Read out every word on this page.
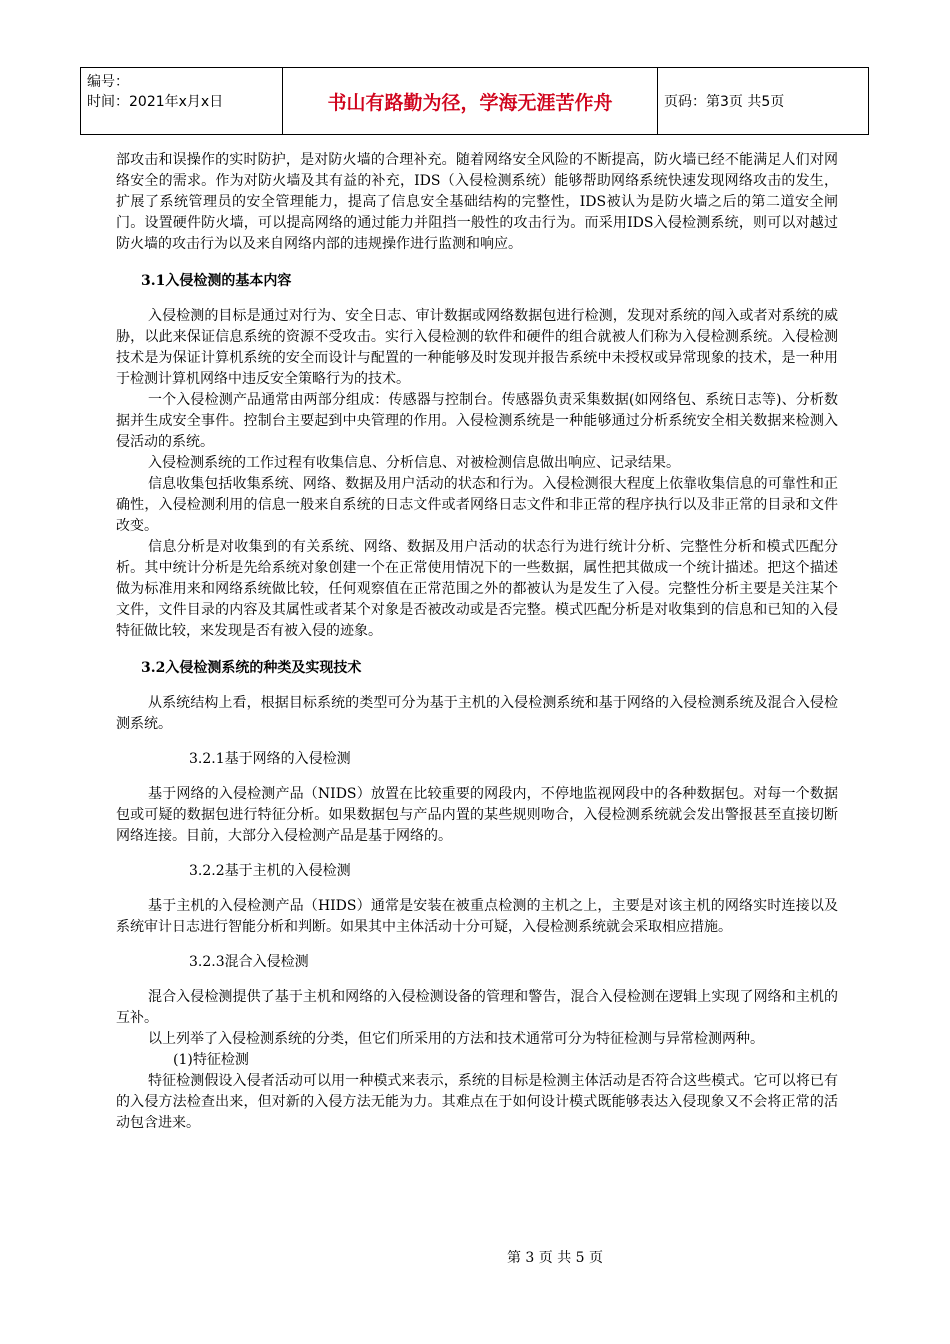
编号：
时间：2021年x月x日	书山有路勤为径，学海无涯苦作舟	页码：第3页 共5页

部攻击和误操作的实时防护，是对防火墙的合理补充。随着网络安全风险的不断提高，防火墙已经不能满足人们对网络安全的需求。作为对防火墙及其有益的补充，IDS（入侵检测系统）能够帮助网络系统快速发现网络攻击的发生，扩展了系统管理员的安全管理能力，提高了信息安全基础结构的完整性，IDS被认为是防火墙之后的第二道安全闸门。设置硬件防火墙，可以提高网络的通过能力并阻挡一般性的攻击行为。而采用IDS入侵检测系统，则可以对越过防火墙的攻击行为以及来自网络内部的违规操作进行监测和响应。

3.1入侵检测的基本内容

入侵检测的目标是通过对行为、安全日志、审计数据或网络数据包进行检测，发现对系统的闯入或者对系统的威胁，以此来保证信息系统的资源不受攻击。实行入侵检测的软件和硬件的组合就被人们称为入侵检测系统。入侵检测技术是为保证计算机系统的安全而设计与配置的一种能够及时发现并报告系统中未授权或异常现象的技术，是一种用于检测计算机网络中违反安全策略行为的技术。

一个入侵检测产品通常由两部分组成：传感器与控制台。传感器负责采集数据(如网络包、系统日志等)、分析数据并生成安全事件。控制台主要起到中央管理的作用。入侵检测系统是一种能够通过分析系统安全相关数据来检测入侵活动的系统。

入侵检测系统的工作过程有收集信息、分析信息、对被检测信息做出响应、记录结果。

信息收集包括收集系统、网络、数据及用户活动的状态和行为。入侵检测很大程度上依靠收集信息的可靠性和正确性，入侵检测利用的信息一般来自系统的日志文件或者网络日志文件和非正常的程序执行以及非正常的目录和文件改变。

信息分析是对收集到的有关系统、网络、数据及用户活动的状态行为进行统计分析、完整性分析和模式匹配分析。其中统计分析是先给系统对象创建一个在正常使用情况下的一些数据，属性把其做成一个统计描述。把这个描述做为标准用来和网络系统做比较，任何观察值在正常范围之外的都被认为是发生了入侵。完整性分析主要是关注某个文件，文件目录的内容及其属性或者某个对象是否被改动或是否完整。模式匹配分析是对收集到的信息和已知的入侵特征做比较，来发现是否有被入侵的迹象。

3.2入侵检测系统的种类及实现技术

从系统结构上看，根据目标系统的类型可分为基于主机的入侵检测系统和基于网络的入侵检测系统及混合入侵检测系统。

3.2.1基于网络的入侵检测

基于网络的入侵检测产品（NIDS）放置在比较重要的网段内，不停地监视网段中的各种数据包。对每一个数据包或可疑的数据包进行特征分析。如果数据包与产品内置的某些规则吻合，入侵检测系统就会发出警报甚至直接切断网络连接。目前，大部分入侵检测产品是基于网络的。

3.2.2基于主机的入侵检测

基于主机的入侵检测产品（HIDS）通常是安装在被重点检测的主机之上，主要是对该主机的网络实时连接以及系统审计日志进行智能分析和判断。如果其中主体活动十分可疑，入侵检测系统就会采取相应措施。

3.2.3混合入侵检测

混合入侵检测提供了基于主机和网络的入侵检测设备的管理和警告，混合入侵检测在逻辑上实现了网络和主机的互补。

以上列举了入侵检测系统的分类，但它们所采用的方法和技术通常可分为特征检测与异常检测两种。

(1)特征检测

特征检测假设入侵者活动可以用一种模式来表示，系统的目标是检测主体活动是否符合这些模式。它可以将已有的入侵方法检查出来，但对新的入侵方法无能为力。其难点在于如何设计模式既能够表达入侵现象又不会将正常的活动包含进来。

第 3 页 共 5 页
